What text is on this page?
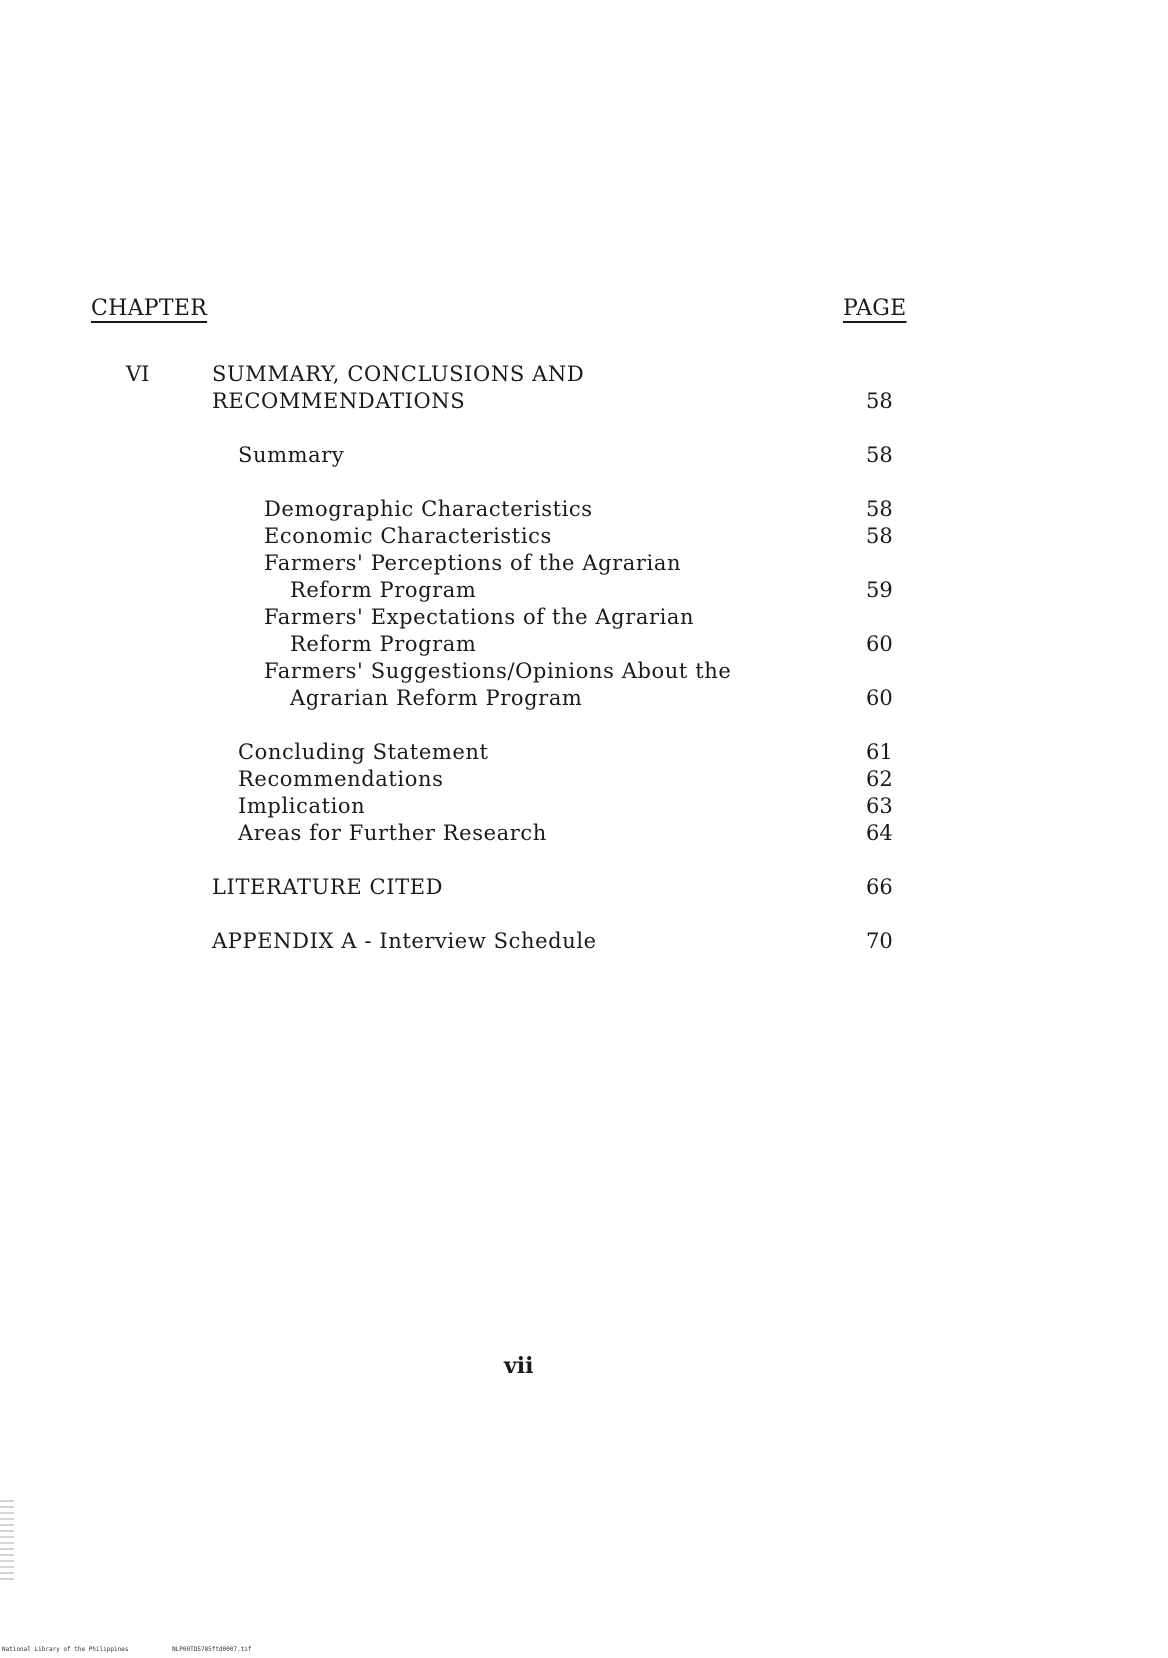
CHAPTER	PAGE
VI	SUMMARY, CONCLUSIONS AND
RECOMMENDATIONS	58
Summary	58
Demographic Characteristics	58
Economic Characteristics	58
Farmers' Perceptions of the Agrarian
Reform Program	59
Farmers' Expectations of the Agrarian
Reform Program	60
Farmers' Suggestions/Opinions About the
Agrarian Reform Program	60
Concluding Statement	61
Recommendations	62
Implication	63
Areas for Further Research	64
LITERATURE CITED	66
APPENDIX A - Interview Schedule	70
vii
National Library of the Philippines	NLP00TD5785ftd0007.tif
